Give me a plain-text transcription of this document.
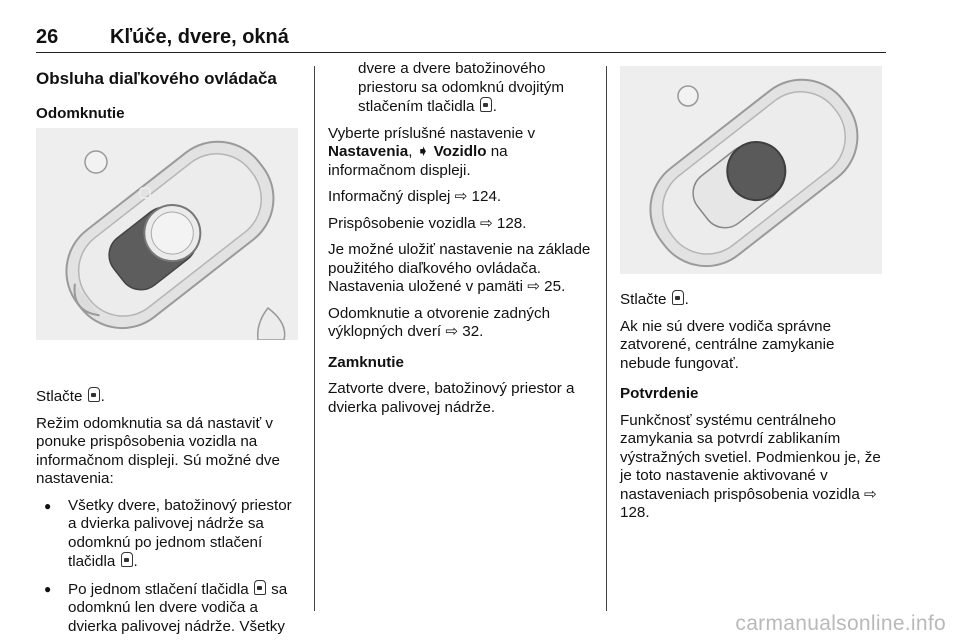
26	Kľúče, dvere, okná
Obsluha diaľkového ovládača

Odomknutie

Stlačte .

Režim odomknutia sa dá nastaviť v ponuke prispôsobenia vozidla na informačnom displeji. Sú možné dve nastavenia:

● Všetky dvere, batožinový priestor a dvierka palivovej nádrže sa odomknú po jednom stlačení tlačidla .
● Po jednom stlačení tlačidla sa odomknú len dvere vodiča a dvierka palivovej nádrže. Všetky

dvere a dvere batožinového priestoru sa odomknú dvojitým stlačením tlačidla .

Vyberte príslušné nastavenie v Nastavenia, ➧ Vozidlo na informačnom displeji.

Informačný displej ⇨ 124.

Prispôsobenie vozidla ⇨ 128.

Je možné uložiť nastavenie na základe použitého diaľkového ovládača. Nastavenia uložené v pamäti ⇨ 25.

Odomknutie a otvorenie zadných výklopných dverí ⇨ 32.

Zamknutie

Zatvorte dvere, batožinový priestor a dvierka palivovej nádrže.

Stlačte .

Ak nie sú dvere vodiča správne zatvorené, centrálne zamykanie nebude fungovať.

Potvrdenie

Funkčnosť systému centrálneho zamykania sa potvrdí zablikaním výstražných svetiel. Podmienkou je, že je toto nastavenie aktivované v nastaveniach prispôsobenia vozidla ⇨ 128.

carmanualsonline.info
